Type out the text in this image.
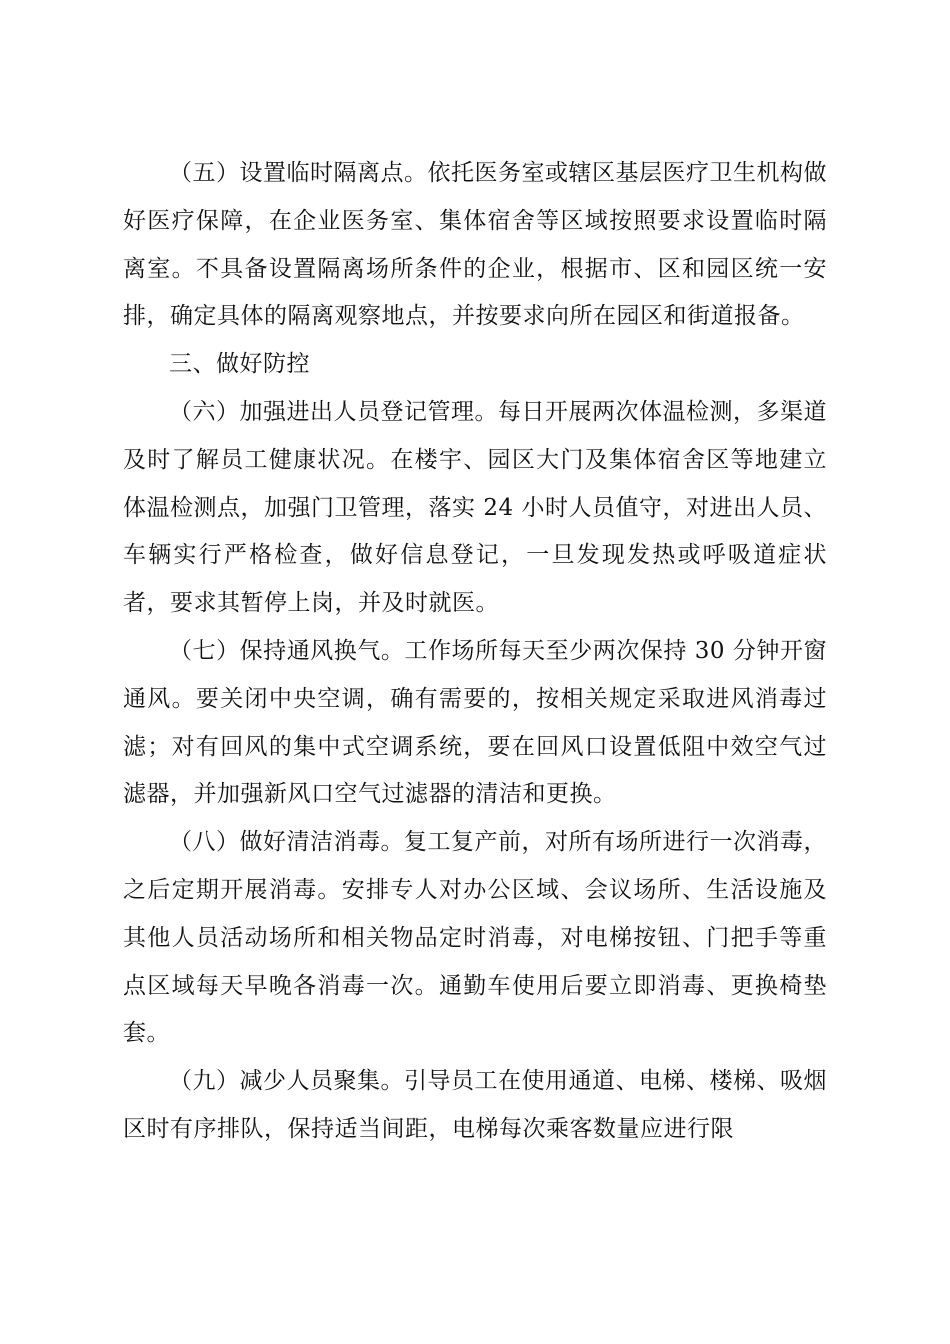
（五）设置临时隔离点。依托医务室或辖区基层医疗卫生机构做好医疗保障，在企业医务室、集体宿舍等区域按照要求设置临时隔离室。不具备设置隔离场所条件的企业，根据市、区和园区统一安排，确定具体的隔离观察地点，并按要求向所在园区和街道报备。

三、做好防控

（六）加强进出人员登记管理。每日开展两次体温检测，多渠道及时了解员工健康状况。在楼宇、园区大门及集体宿舍区等地建立体温检测点，加强门卫管理，落实 24 小时人员值守，对进出人员、车辆实行严格检查，做好信息登记，一旦发现发热或呼吸道症状者，要求其暂停上岗，并及时就医。

（七）保持通风换气。工作场所每天至少两次保持 30 分钟开窗通风。要关闭中央空调，确有需要的，按相关规定采取进风消毒过滤；对有回风的集中式空调系统，要在回风口设置低阻中效空气过滤器，并加强新风口空气过滤器的清洁和更换。

（八）做好清洁消毒。复工复产前，对所有场所进行一次消毒，之后定期开展消毒。安排专人对办公区域、会议场所、生活设施及其他人员活动场所和相关物品定时消毒，对电梯按钮、门把手等重点区域每天早晚各消毒一次。通勤车使用后要立即消毒、更换椅垫套。

（九）减少人员聚集。引导员工在使用通道、电梯、楼梯、吸烟区时有序排队，保持适当间距，电梯每次乘客数量应进行限
